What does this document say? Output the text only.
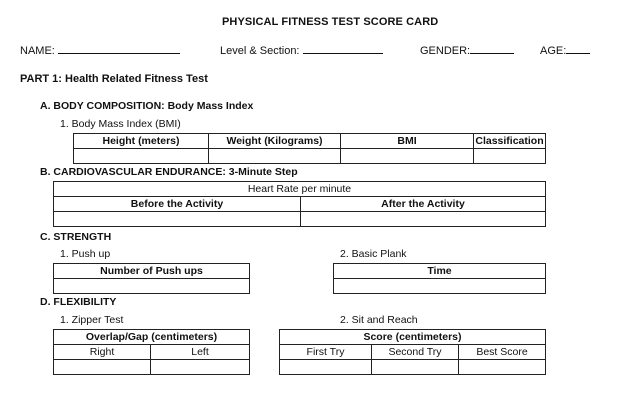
PHYSICAL FITNESS TEST SCORE CARD
NAME:	Level & Section:	GENDER:	AGE:
PART 1: Health Related Fitness Test
A. BODY COMPOSITION: Body Mass Index
1. Body Mass Index (BMI)
Height (meters)	Weight (Kilograms)	BMI	Classification

B. CARDIOVASCULAR ENDURANCE: 3-Minute Step
Heart Rate per minute	
Before the Activity	After the Activity

C. STRENGTH
1. Push up
Number of Push ups

2. Basic Plank
Time

D. FLEXIBILITY
1. Zipper Test
Overlap/Gap (centimeters)	
Right	Left

2. Sit and Reach
Score (centimeters)		
First Try	Second Try	Best Score
